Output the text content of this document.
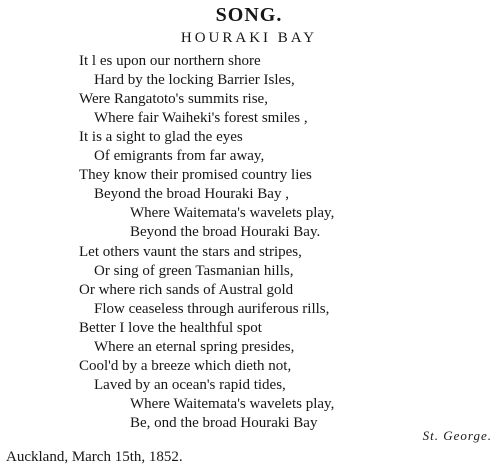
SONG.
HOURAKI BAY
It l es upon our northern shore
Hard by the locking Barrier Isles,
Were Rangatoto's summits rise,
Where fair Waiheki's forest smiles ,
It is a sight to glad the eyes
Of emigrants from far away,
They know their promised country lies
Beyond the broad Houraki Bay ,
Where Waitemata's wavelets play,
Beyond the broad Houraki Bay.
Let others vaunt the stars and stripes,
Or sing of green Tasmanian hills,
Or where rich sands of Austral gold
Flow ceaseless through auriferous rills,
Better I love the healthful spot
Where an eternal spring presides,
Cool'd by a breeze which dieth not,
Laved by an ocean's rapid tides,
Where Waitemata's wavelets play,
Be, ond the broad Houraki Bay
St. George.
Auckland, March 15th, 1852.
